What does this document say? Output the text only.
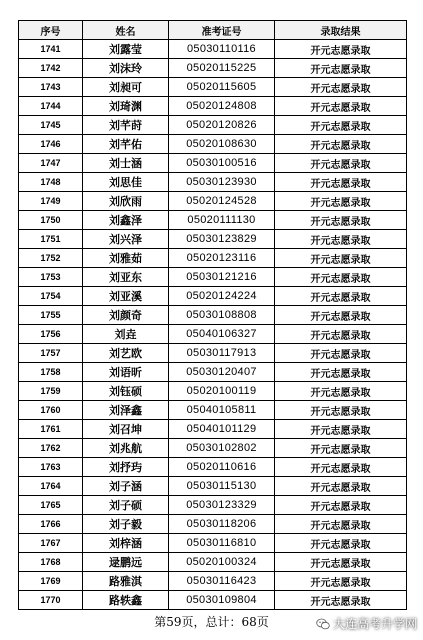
序号	姓名	准考证号	录取结果
1741	刘露莹	05030110116	开元志愿录取
1742	刘沫玲	05020115225	开元志愿录取
1743	刘昶可	05020115605	开元志愿录取
1744	刘琦渊	05020124808	开元志愿录取
1745	刘芊莳	05020120826	开元志愿录取
1746	刘芊佑	05020108630	开元志愿录取
1747	刘士涵	05030100516	开元志愿录取
1748	刘思佳	05030123930	开元志愿录取
1749	刘欣雨	05020124528	开元志愿录取
1750	刘鑫泽	05020111130	开元志愿录取
1751	刘兴泽	05030123829	开元志愿录取
1752	刘雅茹	05020123116	开元志愿录取
1753	刘亚东	05030121216	开元志愿录取
1754	刘亚溪	05020124224	开元志愿录取
1755	刘颜奇	05030108808	开元志愿录取
1756	刘垚	05040106327	开元志愿录取
1757	刘艺欧	05030117913	开元志愿录取
1758	刘语昕	05030120407	开元志愿录取
1759	刘钰硕	05020100119	开元志愿录取
1760	刘泽鑫	05040105811	开元志愿录取
1761	刘召坤	05040101129	开元志愿录取
1762	刘兆航	05030102802	开元志愿录取
1763	刘抒玙	05020110616	开元志愿录取
1764	刘子涵	05030115130	开元志愿录取
1765	刘子硕	05030123329	开元志愿录取
1766	刘子毅	05030118206	开元志愿录取
1767	刘梓涵	05030116810	开元志愿录取
1768	逯鹏远	05020100324	开元志愿录取
1769	路雅淇	05030116423	开元志愿录取
1770	路轶鑫	05030109804	开元志愿录取
第59页，总计：68页	大连高考升学网
